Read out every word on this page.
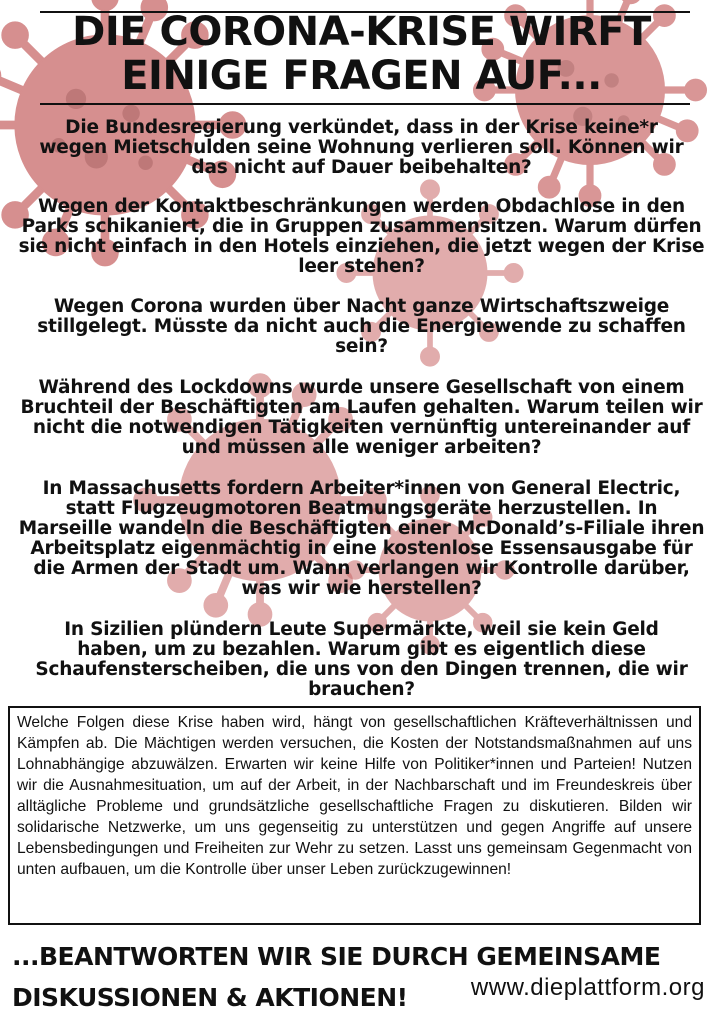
DIE CORONA-KRISE WIRFT
EINIGE FRAGEN AUF...
Die Bundesregierung verkündet, dass in der Krise keine*r wegen Mietschulden seine Wohnung verlieren soll. Können wir das nicht auf Dauer beibehalten?
Wegen der Kontaktbeschränkungen werden Obdachlose in den Parks schikaniert, die in Gruppen zusammensitzen. Warum dürfen sie nicht einfach in den Hotels einziehen, die jetzt wegen der Krise leer stehen?
Wegen Corona wurden über Nacht ganze Wirtschaftszweige stillgelegt. Müsste da nicht auch die Energiewende zu schaffen sein?
Während des Lockdowns wurde unsere Gesellschaft von einem Bruchteil der Beschäftigten am Laufen gehalten. Warum teilen wir nicht die notwendigen Tätigkeiten vernünftig untereinander auf und müssen alle weniger arbeiten?
In Massachusetts fordern Arbeiter*innen von General Electric, statt Flugzeugmotoren Beatmungsgeräte herzustellen. In Marseille wandeln die Beschäftigten einer McDonald’s-Filiale ihren Arbeitsplatz eigenmächtig in eine kostenlose Essensausgabe für die Armen der Stadt um. Wann verlangen wir Kontrolle darüber, was wir wie herstellen?
In Sizilien plündern Leute Supermärkte, weil sie kein Geld haben, um zu bezahlen. Warum gibt es eigentlich diese Schaufensterscheiben, die uns von den Dingen trennen, die wir brauchen?
Welche Folgen diese Krise haben wird, hängt von gesellschaftlichen Kräfteverhältnissen und Kämpfen ab. Die Mächtigen werden versuchen, die Kosten der Notstandsmaßnahmen auf uns Lohnabhängige abzuwälzen. Erwarten wir keine Hilfe von Politiker*innen und Parteien! Nutzen wir die Ausnahmesituation, um auf der Arbeit, in der Nachbarschaft und im Freundeskreis über alltägliche Probleme und grundsätzliche gesellschaftliche Fragen zu diskutieren. Bilden wir solidarische Netzwerke, um uns gegenseitig zu unterstützen und gegen Angriffe auf unsere Lebensbedingungen und Freiheiten zur Wehr zu setzen. Lasst uns gemeinsam Gegenmacht von unten aufbauen, um die Kontrolle über unser Leben zurückzugewinnen!
...BEANTWORTEN WIR SIE DURCH GEMEINSAME
DISKUSSIONEN & AKTIONEN!	www.dieplattform.org
